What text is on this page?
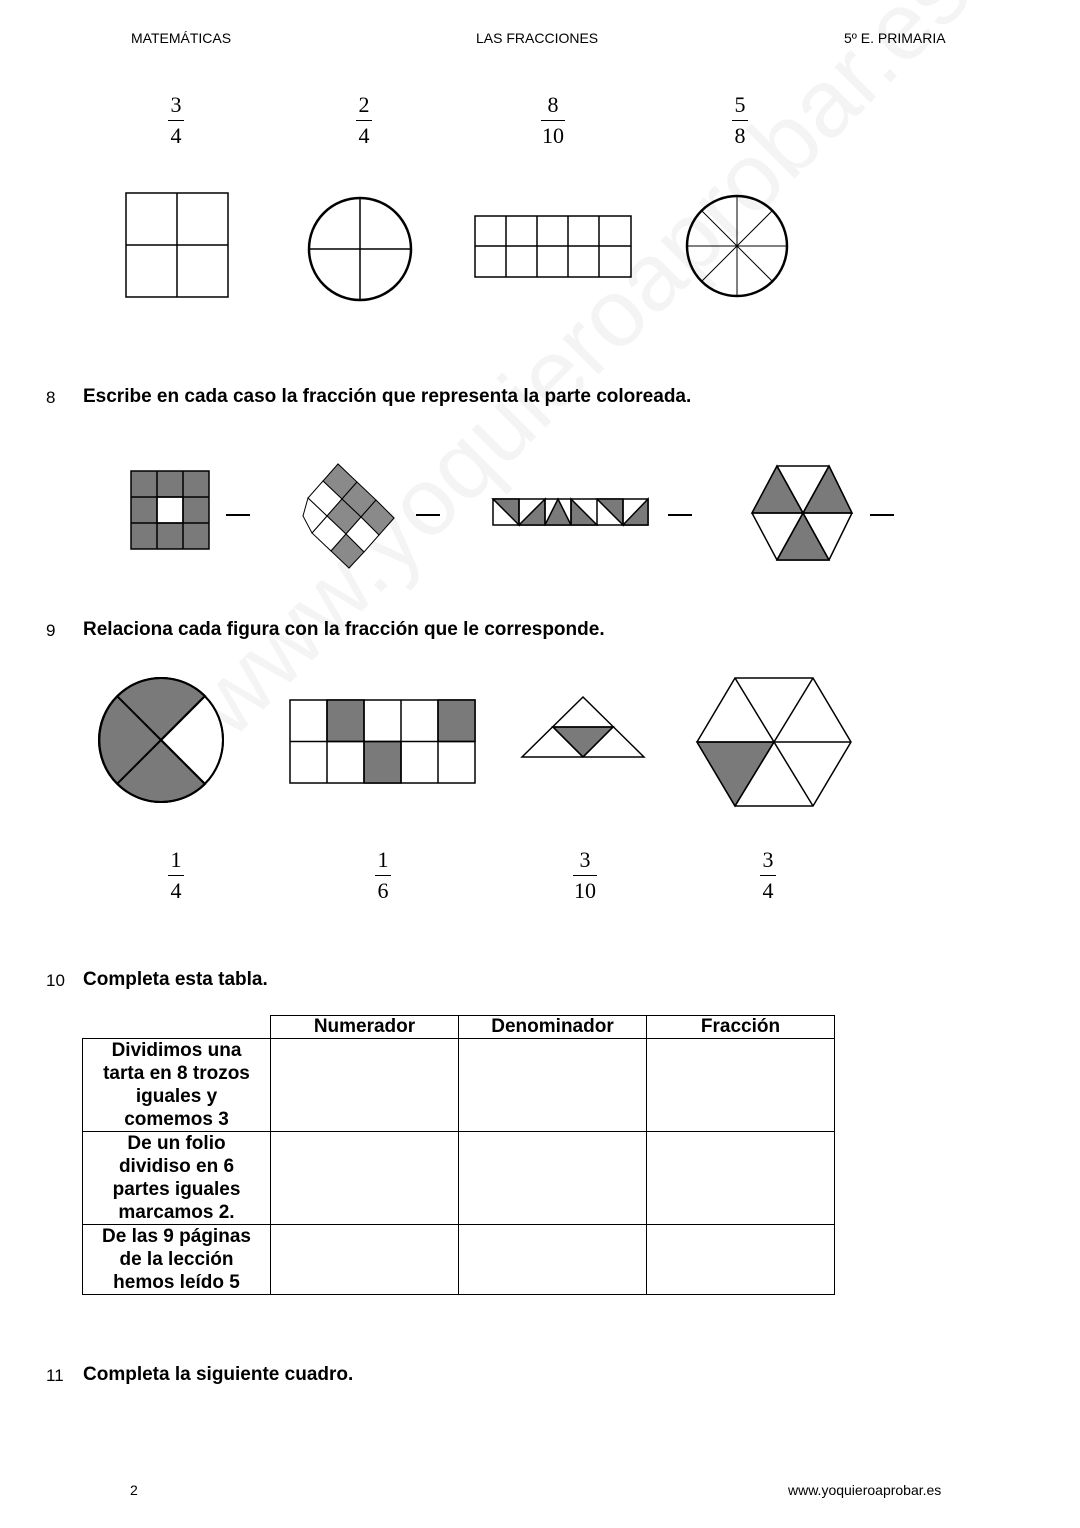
MATEMÁTICAS	LAS FRACCIONES	5º E. PRIMARIA
3
4
2
4
8
10
5
8
8 Escribe en cada caso la fracción que representa la parte coloreada.
9 Relaciona cada figura con la fracción que le corresponde.
1
4
1
6
3
10
3
4
10 Completa esta tabla.
	Numerador	Denominador	Fracción

Dividimos una
tarta en 8 trozos
iguales y
comemos 3			

De un folio
dividiso en 6
partes iguales
marcamos 2.			

De las 9 páginas
de la lección
hemos leído 5			

11 Completa la siguiente cuadro.
2	www.yoquieroaprobar.es
